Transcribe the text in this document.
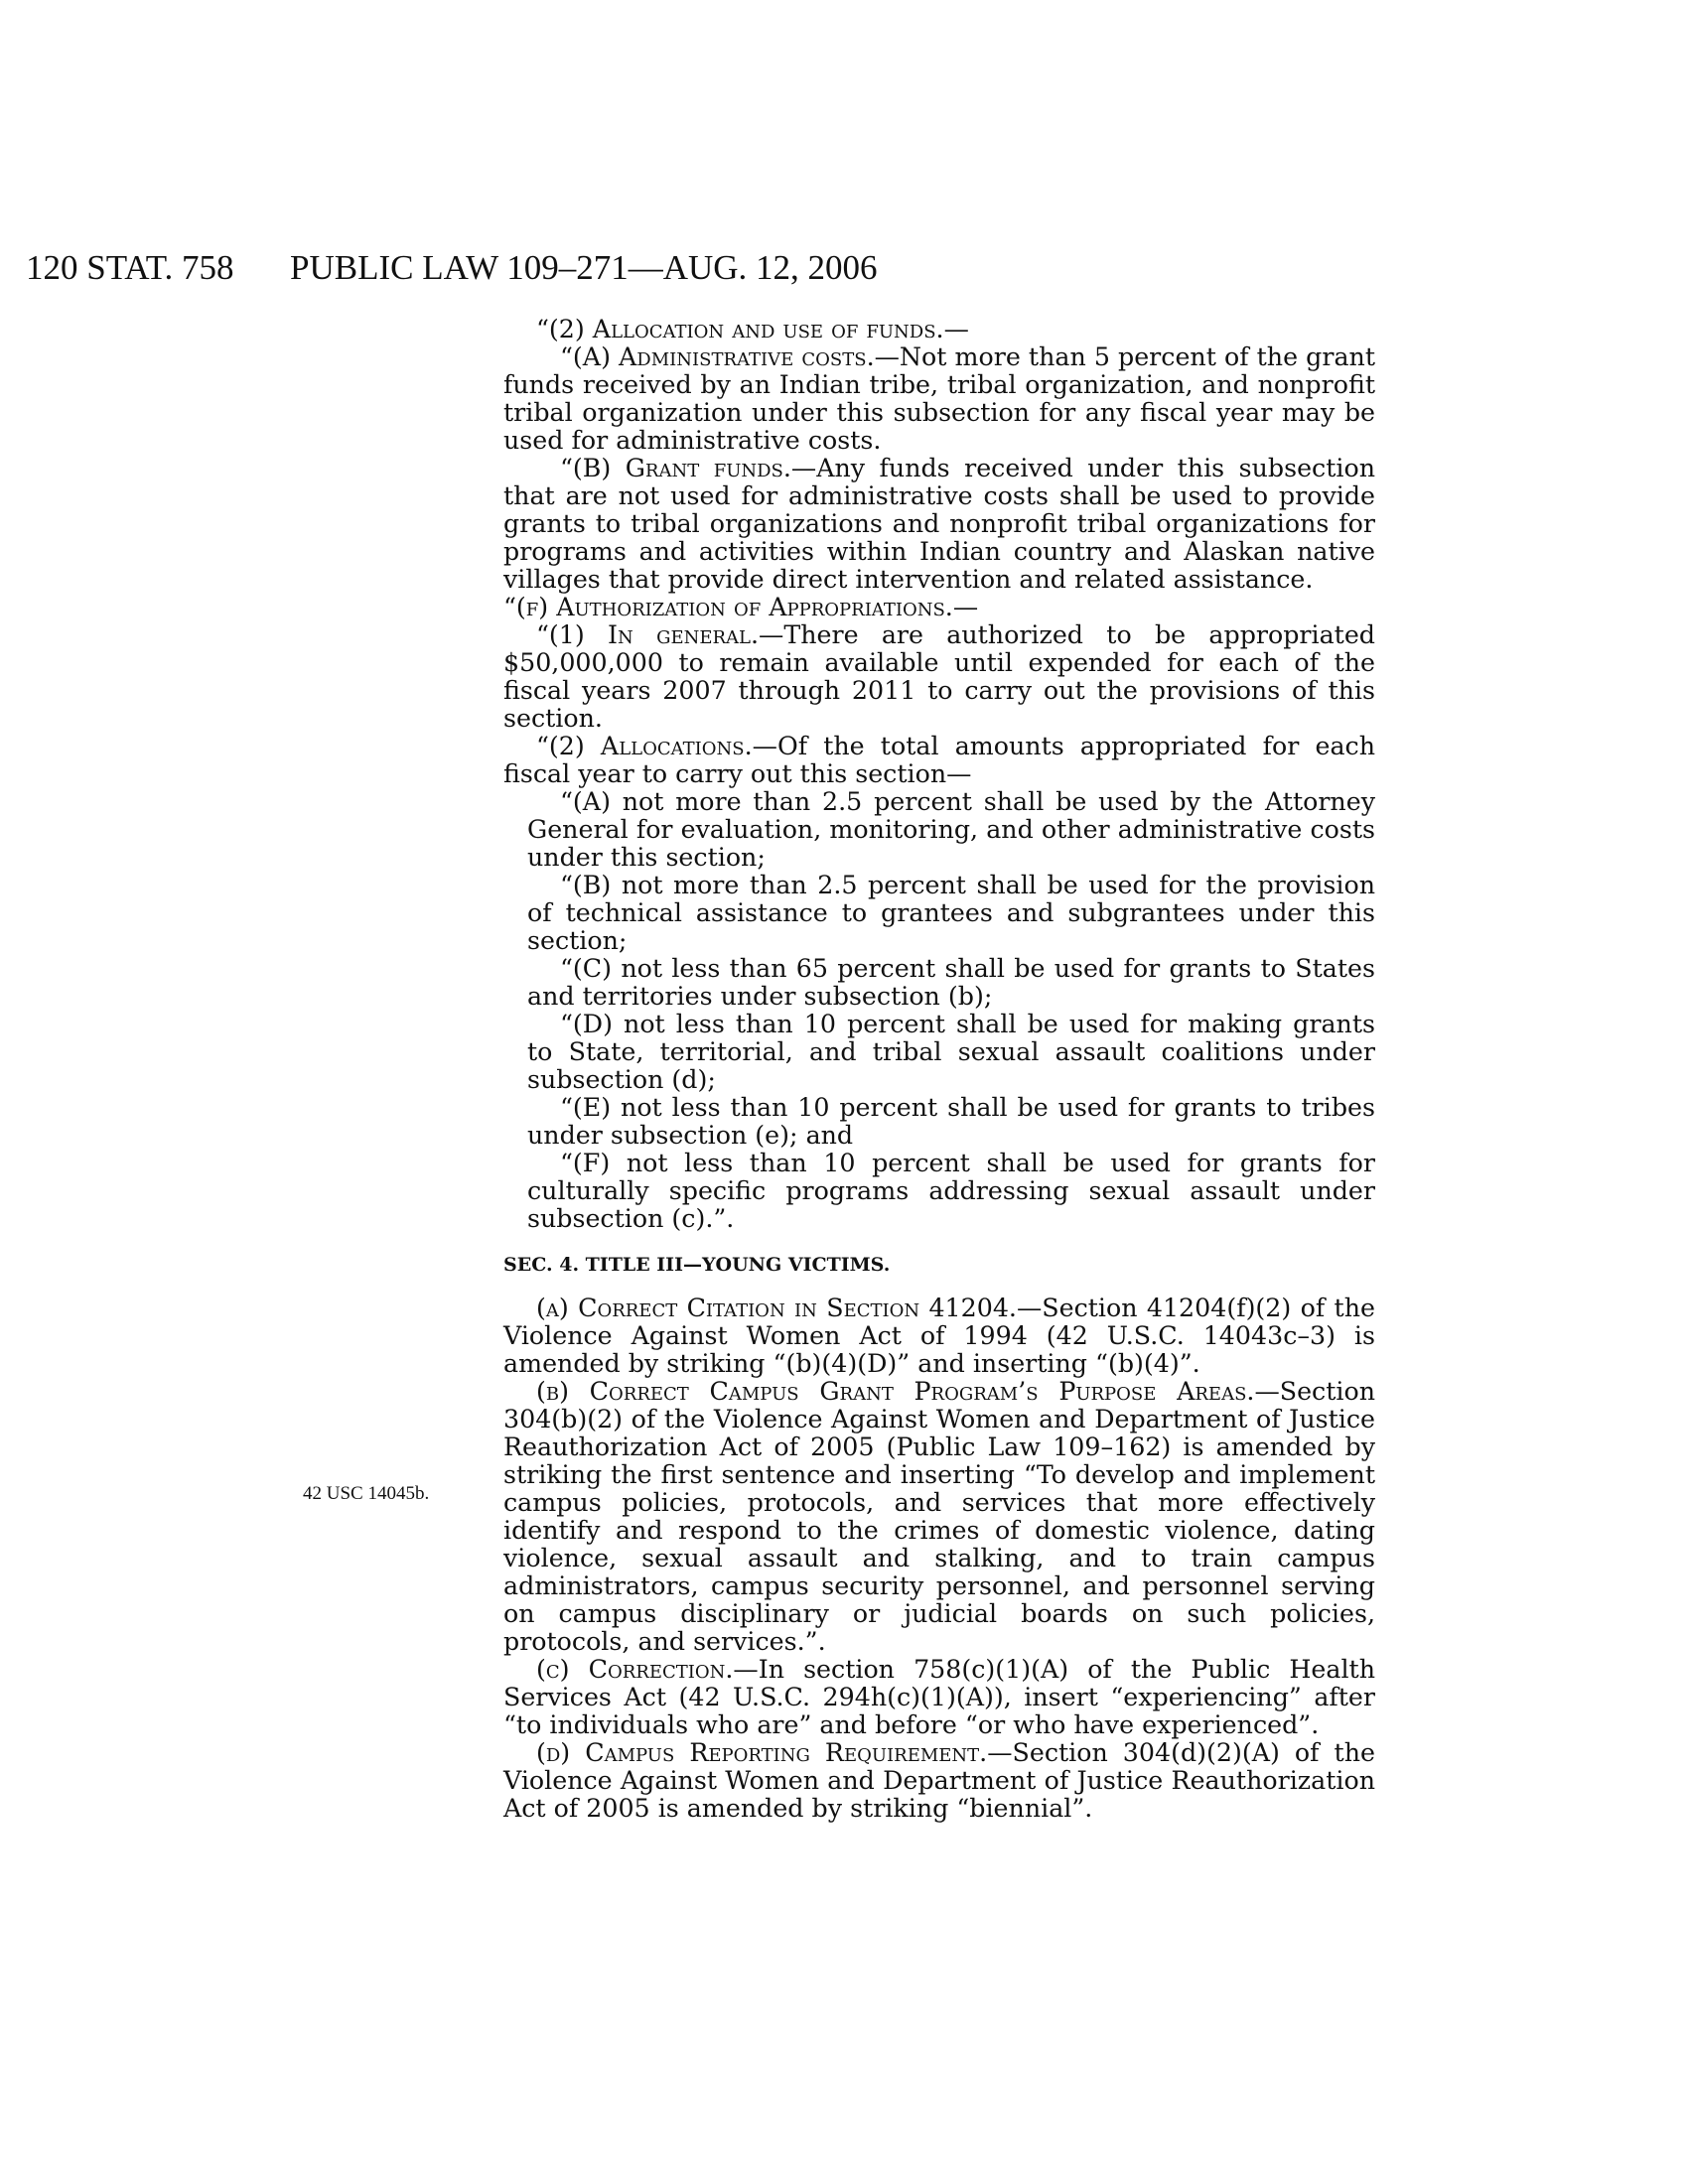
120 STAT. 758 PUBLIC LAW 109–271—AUG. 12, 2006
42 USC 14045b.

“(2) Allocation and use of funds.—

“(A) Administrative costs.—Not more than 5 percent of the grant funds received by an Indian tribe, tribal organization, and nonprofit tribal organization under this subsection for any fiscal year may be used for administrative costs.

“(B) Grant funds.—Any funds received under this subsection that are not used for administrative costs shall be used to provide grants to tribal organizations and nonprofit tribal organizations for programs and activities within Indian country and Alaskan native villages that provide direct intervention and related assistance.

“(f) Authorization of Appropriations.—

“(1) In general.—There are authorized to be appropriated $50,000,000 to remain available until expended for each of the fiscal years 2007 through 2011 to carry out the provisions of this section.

“(2) Allocations.—Of the total amounts appropriated for each fiscal year to carry out this section—

“(A) not more than 2.5 percent shall be used by the Attorney General for evaluation, monitoring, and other administrative costs under this section;

“(B) not more than 2.5 percent shall be used for the provision of technical assistance to grantees and subgrantees under this section;

“(C) not less than 65 percent shall be used for grants to States and territories under subsection (b);

“(D) not less than 10 percent shall be used for making grants to State, territorial, and tribal sexual assault coalitions under subsection (d);

“(E) not less than 10 percent shall be used for grants to tribes under subsection (e); and

“(F) not less than 10 percent shall be used for grants for culturally specific programs addressing sexual assault under subsection (c).”.

SEC. 4. TITLE III—YOUNG VICTIMS.

(a) Correct Citation in Section 41204.—Section 41204(f)(2) of the Violence Against Women Act of 1994 (42 U.S.C. 14043c–3) is amended by striking “(b)(4)(D)” and inserting “(b)(4)”.

(b) Correct Campus Grant Program’s Purpose Areas.—Section 304(b)(2) of the Violence Against Women and Department of Justice Reauthorization Act of 2005 (Public Law 109–162) is amended by striking the first sentence and inserting “To develop and implement campus policies, protocols, and services that more effectively identify and respond to the crimes of domestic violence, dating violence, sexual assault and stalking, and to train campus administrators, campus security personnel, and personnel serving on campus disciplinary or judicial boards on such policies, protocols, and services.”.

(c) Correction.—In section 758(c)(1)(A) of the Public Health Services Act (42 U.S.C. 294h(c)(1)(A)), insert “experiencing” after “to individuals who are” and before “or who have experienced”.

(d) Campus Reporting Requirement.—Section 304(d)(2)(A) of the Violence Against Women and Department of Justice Reauthorization Act of 2005 is amended by striking “biennial”.
